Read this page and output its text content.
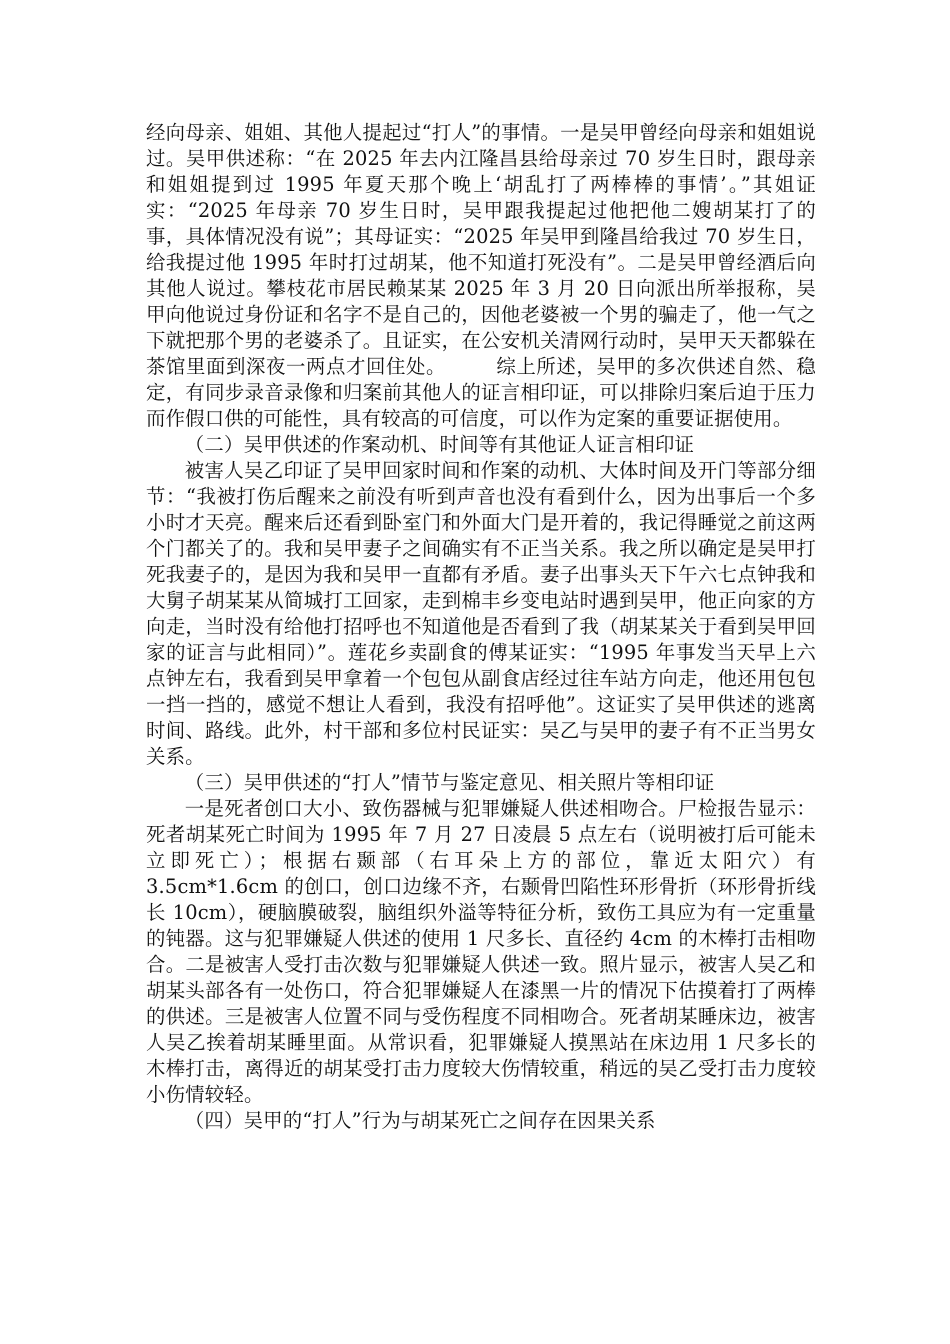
经向母亲、姐姐、其他人提起过“打人”的事情。一是吴甲曾经向母亲和姐姐说过。吴甲供述称：“在 2025 年去内江隆昌县给母亲过 70 岁生日时，跟母亲和姐姐提到过 1995 年夏天那个晚上‘胡乱打了两棒棒的事情’。”其姐证实：“2025 年母亲 70 岁生日时，吴甲跟我提起过他把他二嫂胡某打了的事，具体情况没有说”；其母证实：“2025 年吴甲到隆昌给我过 70 岁生日，给我提过他 1995 年时打过胡某，他不知道打死没有”。二是吴甲曾经酒后向其他人说过。攀枝花市居民赖某某 2025 年 3 月 20 日向派出所举报称，吴甲向他说过身份证和名字不是自己的，因他老婆被一个男的骗走了，他一气之下就把那个男的老婆杀了。且证实，在公安机关清网行动时，吴甲天天都躲在茶馆里面到深夜一两点才回住处。　　　综上所述，吴甲的多次供述自然、稳定，有同步录音录像和归案前其他人的证言相印证，可以排除归案后迫于压力而作假口供的可能性，具有较高的可信度，可以作为定案的重要证据使用。

（二）吴甲供述的作案动机、时间等有其他证人证言相印证

被害人吴乙印证了吴甲回家时间和作案的动机、大体时间及开门等部分细节：“我被打伤后醒来之前没有听到声音也没有看到什么，因为出事后一个多小时才天亮。醒来后还看到卧室门和外面大门是开着的，我记得睡觉之前这两个门都关了的。我和吴甲妻子之间确实有不正当关系。我之所以确定是吴甲打死我妻子的，是因为我和吴甲一直都有矛盾。妻子出事头天下午六七点钟我和大舅子胡某某从简城打工回家，走到棉丰乡变电站时遇到吴甲，他正向家的方向走，当时没有给他打招呼也不知道他是否看到了我（胡某某关于看到吴甲回家的证言与此相同）”。莲花乡卖副食的傅某证实：“1995 年事发当天早上六点钟左右，我看到吴甲拿着一个包包从副食店经过往车站方向走，他还用包包一挡一挡的，感觉不想让人看到，我没有招呼他”。这证实了吴甲供述的逃离时间、路线。此外，村干部和多位村民证实：吴乙与吴甲的妻子有不正当男女关系。

（三）吴甲供述的“打人”情节与鉴定意见、相关照片等相印证

一是死者创口大小、致伤器械与犯罪嫌疑人供述相吻合。尸检报告显示：死者胡某死亡时间为 1995 年 7 月 27 日凌晨 5 点左右（说明被打后可能未立即死亡）；根据右颞部（右耳朵上方的部位，靠近太阳穴）有 3.5cm*1.6cm 的创口，创口边缘不齐，右颞骨凹陷性环形骨折（环形骨折线长 10cm），硬脑膜破裂，脑组织外溢等特征分析，致伤工具应为有一定重量的钝器。这与犯罪嫌疑人供述的使用 1 尺多长、直径约 4cm 的木棒打击相吻合。二是被害人受打击次数与犯罪嫌疑人供述一致。照片显示，被害人吴乙和胡某头部各有一处伤口，符合犯罪嫌疑人在漆黑一片的情况下估摸着打了两棒的供述。三是被害人位置不同与受伤程度不同相吻合。死者胡某睡床边，被害人吴乙挨着胡某睡里面。从常识看，犯罪嫌疑人摸黑站在床边用 1 尺多长的木棒打击，离得近的胡某受打击力度较大伤情较重，稍远的吴乙受打击力度较小伤情较轻。

（四）吴甲的“打人”行为与胡某死亡之间存在因果关系
